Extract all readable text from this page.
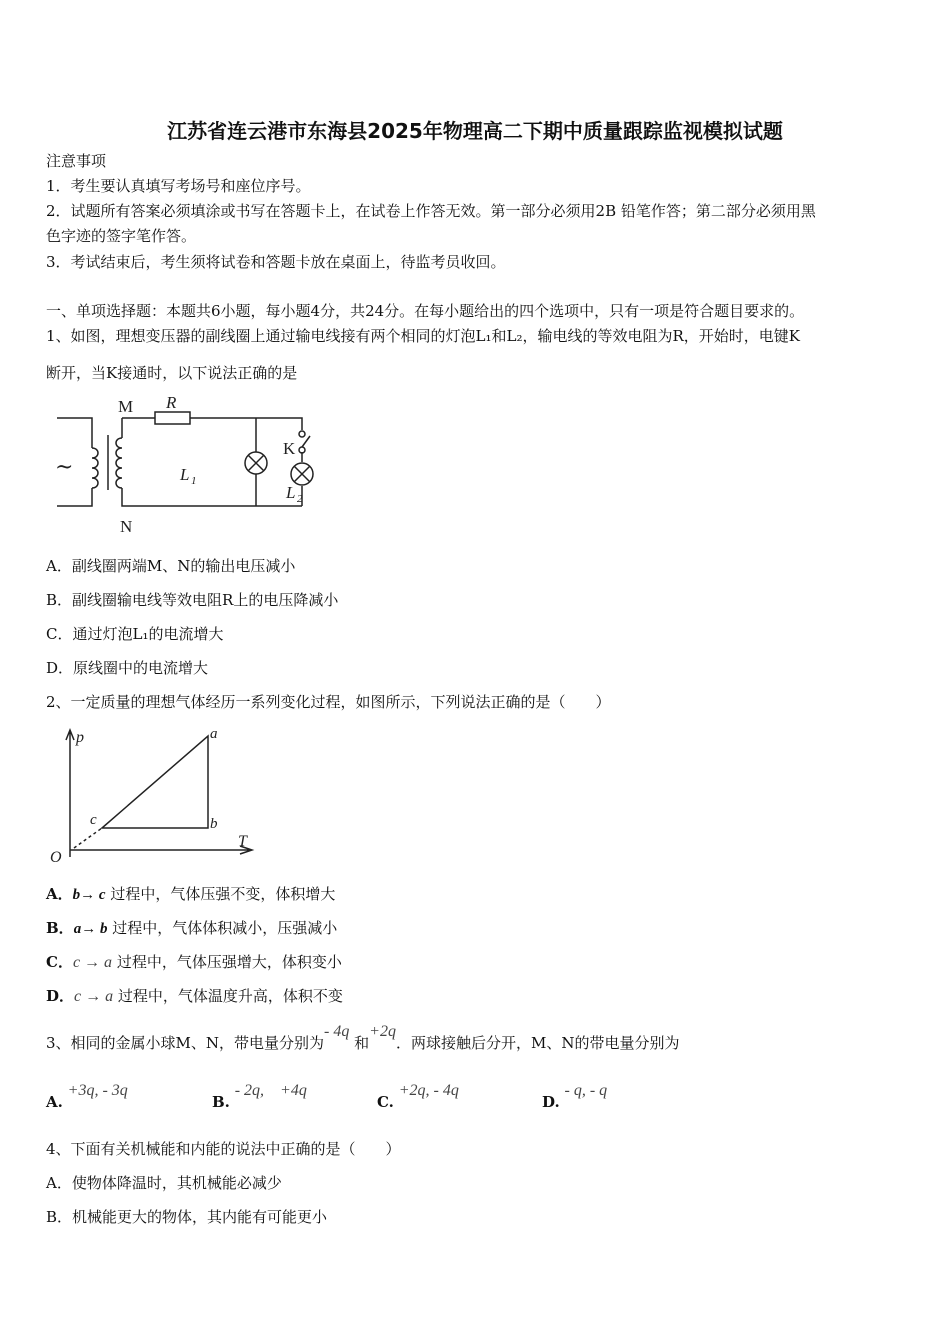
江苏省连云港市东海县2025年物理高二下期中质量跟踪监视模拟试题
注意事项
1．考生要认真填写考场号和座位序号。
2．试题所有答案必须填涂或书写在答题卡上，在试卷上作答无效。第一部分必须用2B 铅笔作答；第二部分必须用黑
色字迹的签字笔作答。
3．考试结束后，考生须将试卷和答题卡放在桌面上，待监考员收回。
一、单项选择题：本题共6小题，每小题4分，共24分。在每小题给出的四个选项中，只有一项是符合题目要求的。
1、如图，理想变压器的副线圈上通过输电线接有两个相同的灯泡L₁和L₂，输电线的等效电阻为R，开始时，电键K
断开，当K接通时，以下说法正确的是
~
M
N
R
K
L 1
L 2
A．副线圈两端M、N的输出电压减小
B．副线圈输电线等效电阻R上的电压降减小
C．通过灯泡L₁的电流增大
D．原线圈中的电流增大
2、一定质量的理想气体经历一系列变化过程，如图所示，下列说法正确的是（　　）
p
T
O
a
b
c
A．b→ c 过程中，气体压强不变，体积增大
B．a→ b 过程中，气体体积减小，压强减小
C．c → a 过程中，气体压强增大，体积变小
D．c → a 过程中，气体温度升高，体积不变
3、相同的金属小球M、N，带电量分别为- 4q 和+2q．两球接触后分开，M、N的带电量分别为
A. +3q, - 3q
B. - 2q,　+4q
C. +2q, - 4q
D. - q, - q
4、下面有关机械能和内能的说法中正确的是（　　）
A．使物体降温时，其机械能必减少
B．机械能更大的物体，其内能有可能更小
